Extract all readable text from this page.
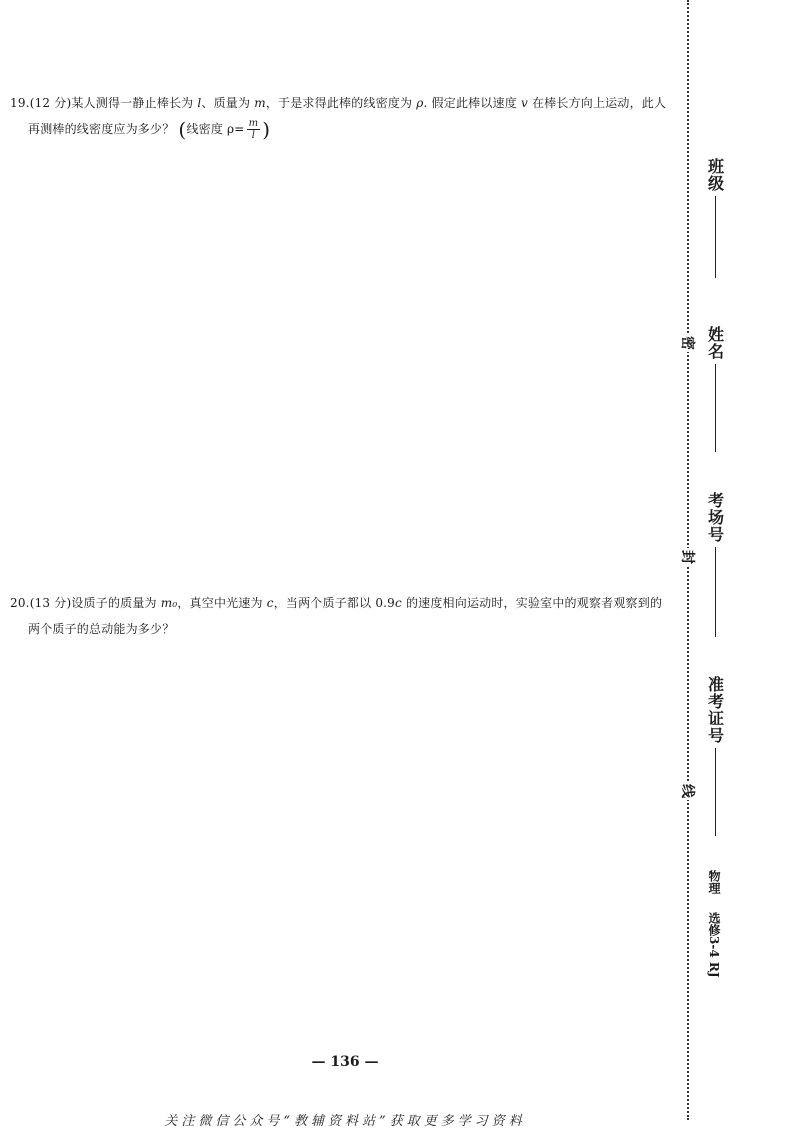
19.(12 分)某人测得一静止棒长为 l、质量为 m，于是求得此棒的线密度为 ρ. 假定此棒以速度 v 在棒长方向上运动，此人
再测棒的线密度应为多少？ (线密度 $\rho= \frac{m}{l}$ )
20.(13 分)设质子的质量为 m₀，真空中光速为 c，当两个质子都以 0.9c 的速度相向运动时，实验室中的观察者观察到的
两个质子的总动能为多少？
密
封
线
班级
姓名
考场号
准考证号
物理 选修3-4 RJ
— 136 —
关注微信公众号“教辅资料站”获取更多学习资料
